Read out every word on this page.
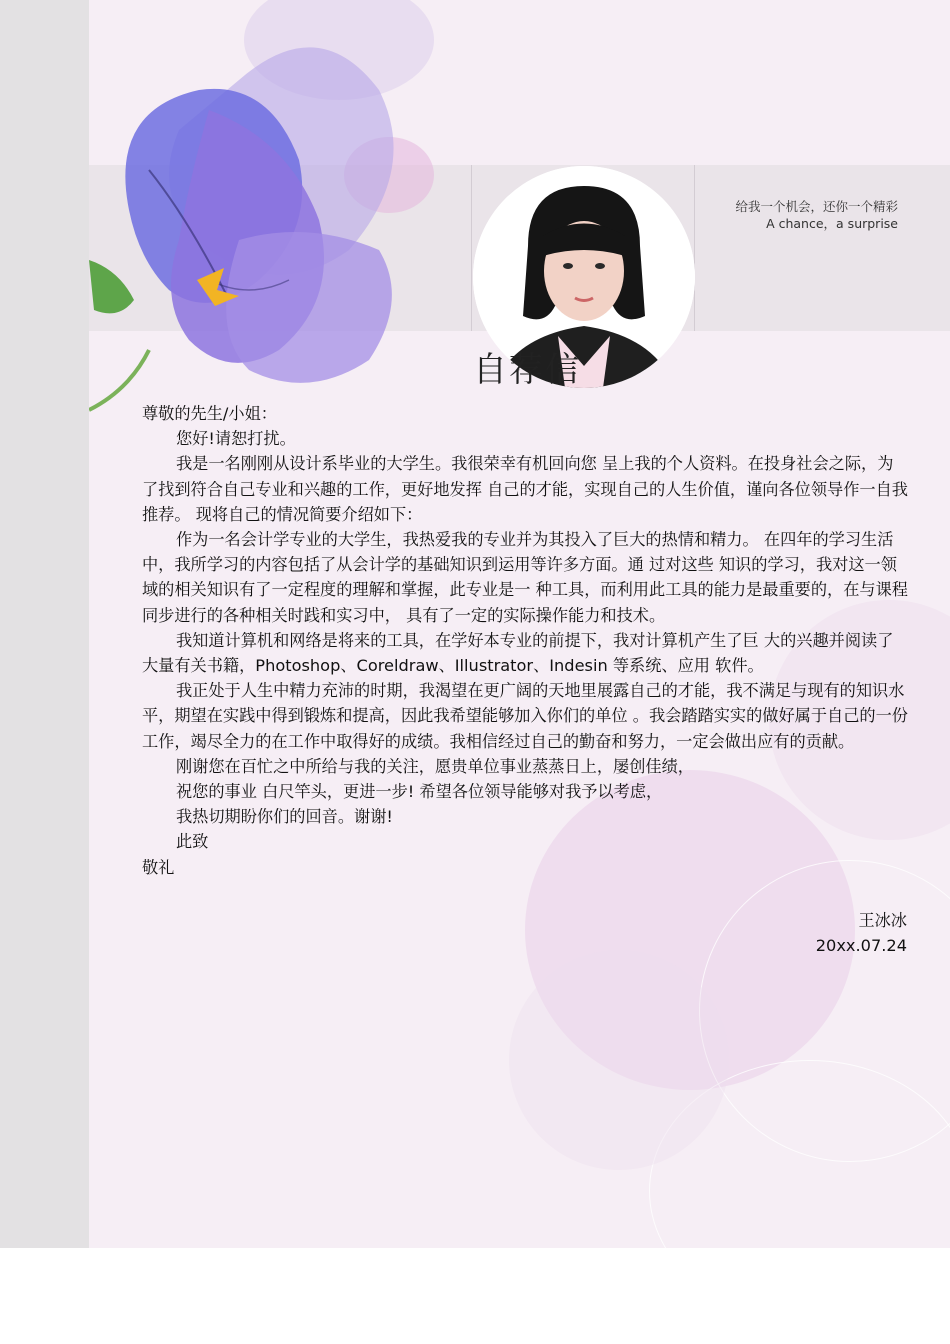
自荐信
给我一个机会，还你一个精彩
A chance，a surprise

尊敬的先生/小姐：

您好!请恕打扰。

我是一名刚刚从设计系毕业的大学生。我很荣幸有机回向您 呈上我的个人资料。在投身社会之际，为了找到符合自己专业和兴趣的工作，更好地发挥 自己的才能，实现自己的人生价值，谨向各位领导作一自我推荐。 现将自己的情况简要介绍如下：

作为一名会计学专业的大学生，我热爱我的专业并为其投入了巨大的热情和精力。 在四年的学习生活中，我所学习的内容包括了从会计学的基础知识到运用等许多方面。通 过对这些 知识的学习，我对这一领域的相关知识有了一定程度的理解和掌握，此专业是一 种工具，而利用此工具的能力是最重要的，在与课程同步进行的各种相关时践和实习中， 具有了一定的实际操作能力和技术。

我知道计算机和网络是将来的工具，在学好本专业的前提下，我对计算机产生了巨 大的兴趣并阅读了大量有关书籍，Photoshop、Coreldraw、Illustrator、Indesin 等系统、应用 软件。

我正处于人生中精力充沛的时期，我渴望在更广阔的天地里展露自己的才能，我不满足与现有的知识水平，期望在实践中得到锻炼和提高，因此我希望能够加入你们的单位 。我会踏踏实实的做好属于自己的一份工作，竭尽全力的在工作中取得好的成绩。我相信经过自己的勤奋和努力，一定会做出应有的贡献。

刚谢您在百忙之中所给与我的关注，愿贵单位事业蒸蒸日上，屡创佳绩，

祝您的事业 白尺竿头，更进一步! 希望各位领导能够对我予以考虑，

我热切期盼你们的回音。谢谢!

此致

敬礼

王冰冰
20xx.07.24
